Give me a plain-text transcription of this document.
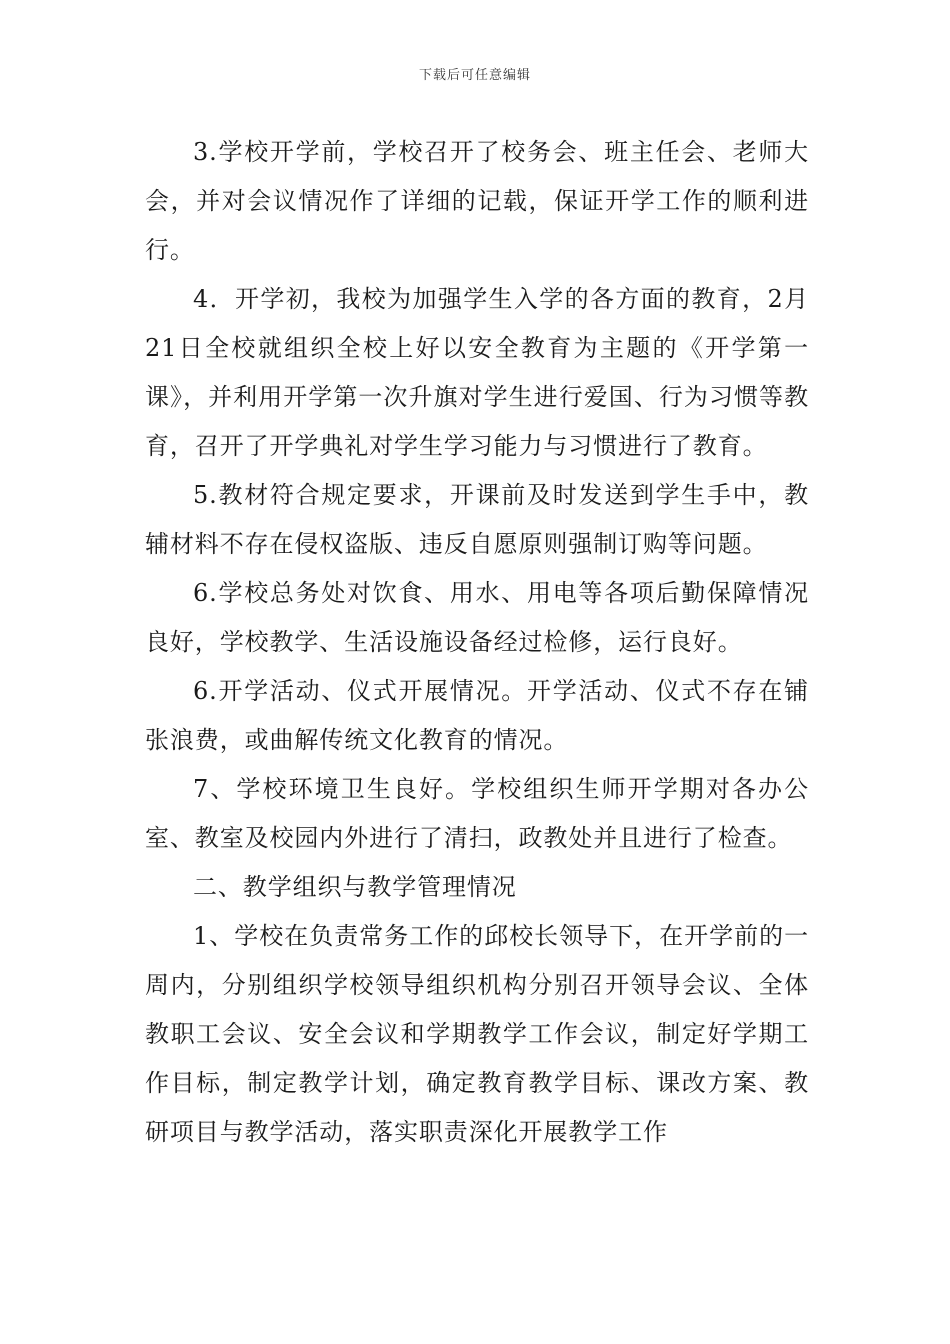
下载后可任意编辑

3.学校开学前，学校召开了校务会、班主任会、老师大会，并对会议情况作了详细的记载，保证开学工作的顺利进行。

4．开学初，我校为加强学生入学的各方面的教育，2月21日全校就组织全校上好以安全教育为主题的《开学第一课》，并利用开学第一次升旗对学生进行爱国、行为习惯等教育，召开了开学典礼对学生学习能力与习惯进行了教育。

5.教材符合规定要求，开课前及时发送到学生手中，教辅材料不存在侵权盗版、违反自愿原则强制订购等问题。

6.学校总务处对饮食、用水、用电等各项后勤保障情况良好，学校教学、生活设施设备经过检修，运行良好。

6.开学活动、仪式开展情况。开学活动、仪式不存在铺张浪费，或曲解传统文化教育的情况。

7、学校环境卫生良好。学校组织生师开学期对各办公室、教室及校园内外进行了清扫，政教处并且进行了检查。

二、教学组织与教学管理情况

1、学校在负责常务工作的邱校长领导下，在开学前的一周内，分别组织学校领导组织机构分别召开领导会议、全体教职工会议、安全会议和学期教学工作会议，制定好学期工作目标，制定教学计划，确定教育教学目标、课改方案、教研项目与教学活动，落实职责深化开展教学工作
